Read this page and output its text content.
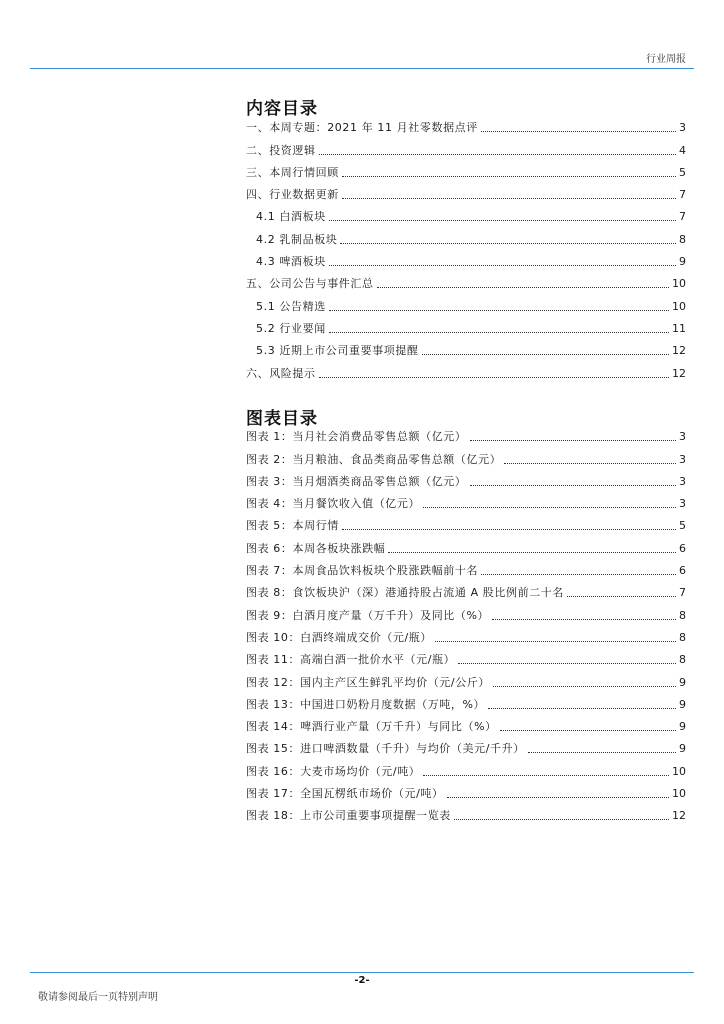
行业周报
内容目录
一、本周专题：2021 年 11 月社零数据点评	3
二、投资逻辑	4
三、本周行情回顾	5
四、行业数据更新	7
4.1 白酒板块	7
4.2 乳制品板块	8
4.3 啤酒板块	9
五、公司公告与事件汇总	10
5.1 公告精选	10
5.2 行业要闻	11
5.3 近期上市公司重要事项提醒	12
六、风险提示	12
图表目录
图表 1：当月社会消费品零售总额（亿元）	3
图表 2：当月粮油、食品类商品零售总额（亿元）	3
图表 3：当月烟酒类商品零售总额（亿元）	3
图表 4：当月餐饮收入值（亿元）	3
图表 5：本周行情	5
图表 6：本周各板块涨跌幅	6
图表 7：本周食品饮料板块个股涨跌幅前十名	6
图表 8：食饮板块沪（深）港通持股占流通 A 股比例前二十名	7
图表 9：白酒月度产量（万千升）及同比（%）	8
图表 10：白酒终端成交价（元/瓶）	8
图表 11：高端白酒一批价水平（元/瓶）	8
图表 12：国内主产区生鲜乳平均价（元/公斤）	9
图表 13：中国进口奶粉月度数据（万吨，%）	9
图表 14：啤酒行业产量（万千升）与同比（%）	9
图表 15：进口啤酒数量（千升）与均价（美元/千升）	9
图表 16：大麦市场均价（元/吨）	10
图表 17：全国瓦楞纸市场价（元/吨）	10
图表 18：上市公司重要事项提醒一览表	12
-2-
敬请参阅最后一页特别声明
